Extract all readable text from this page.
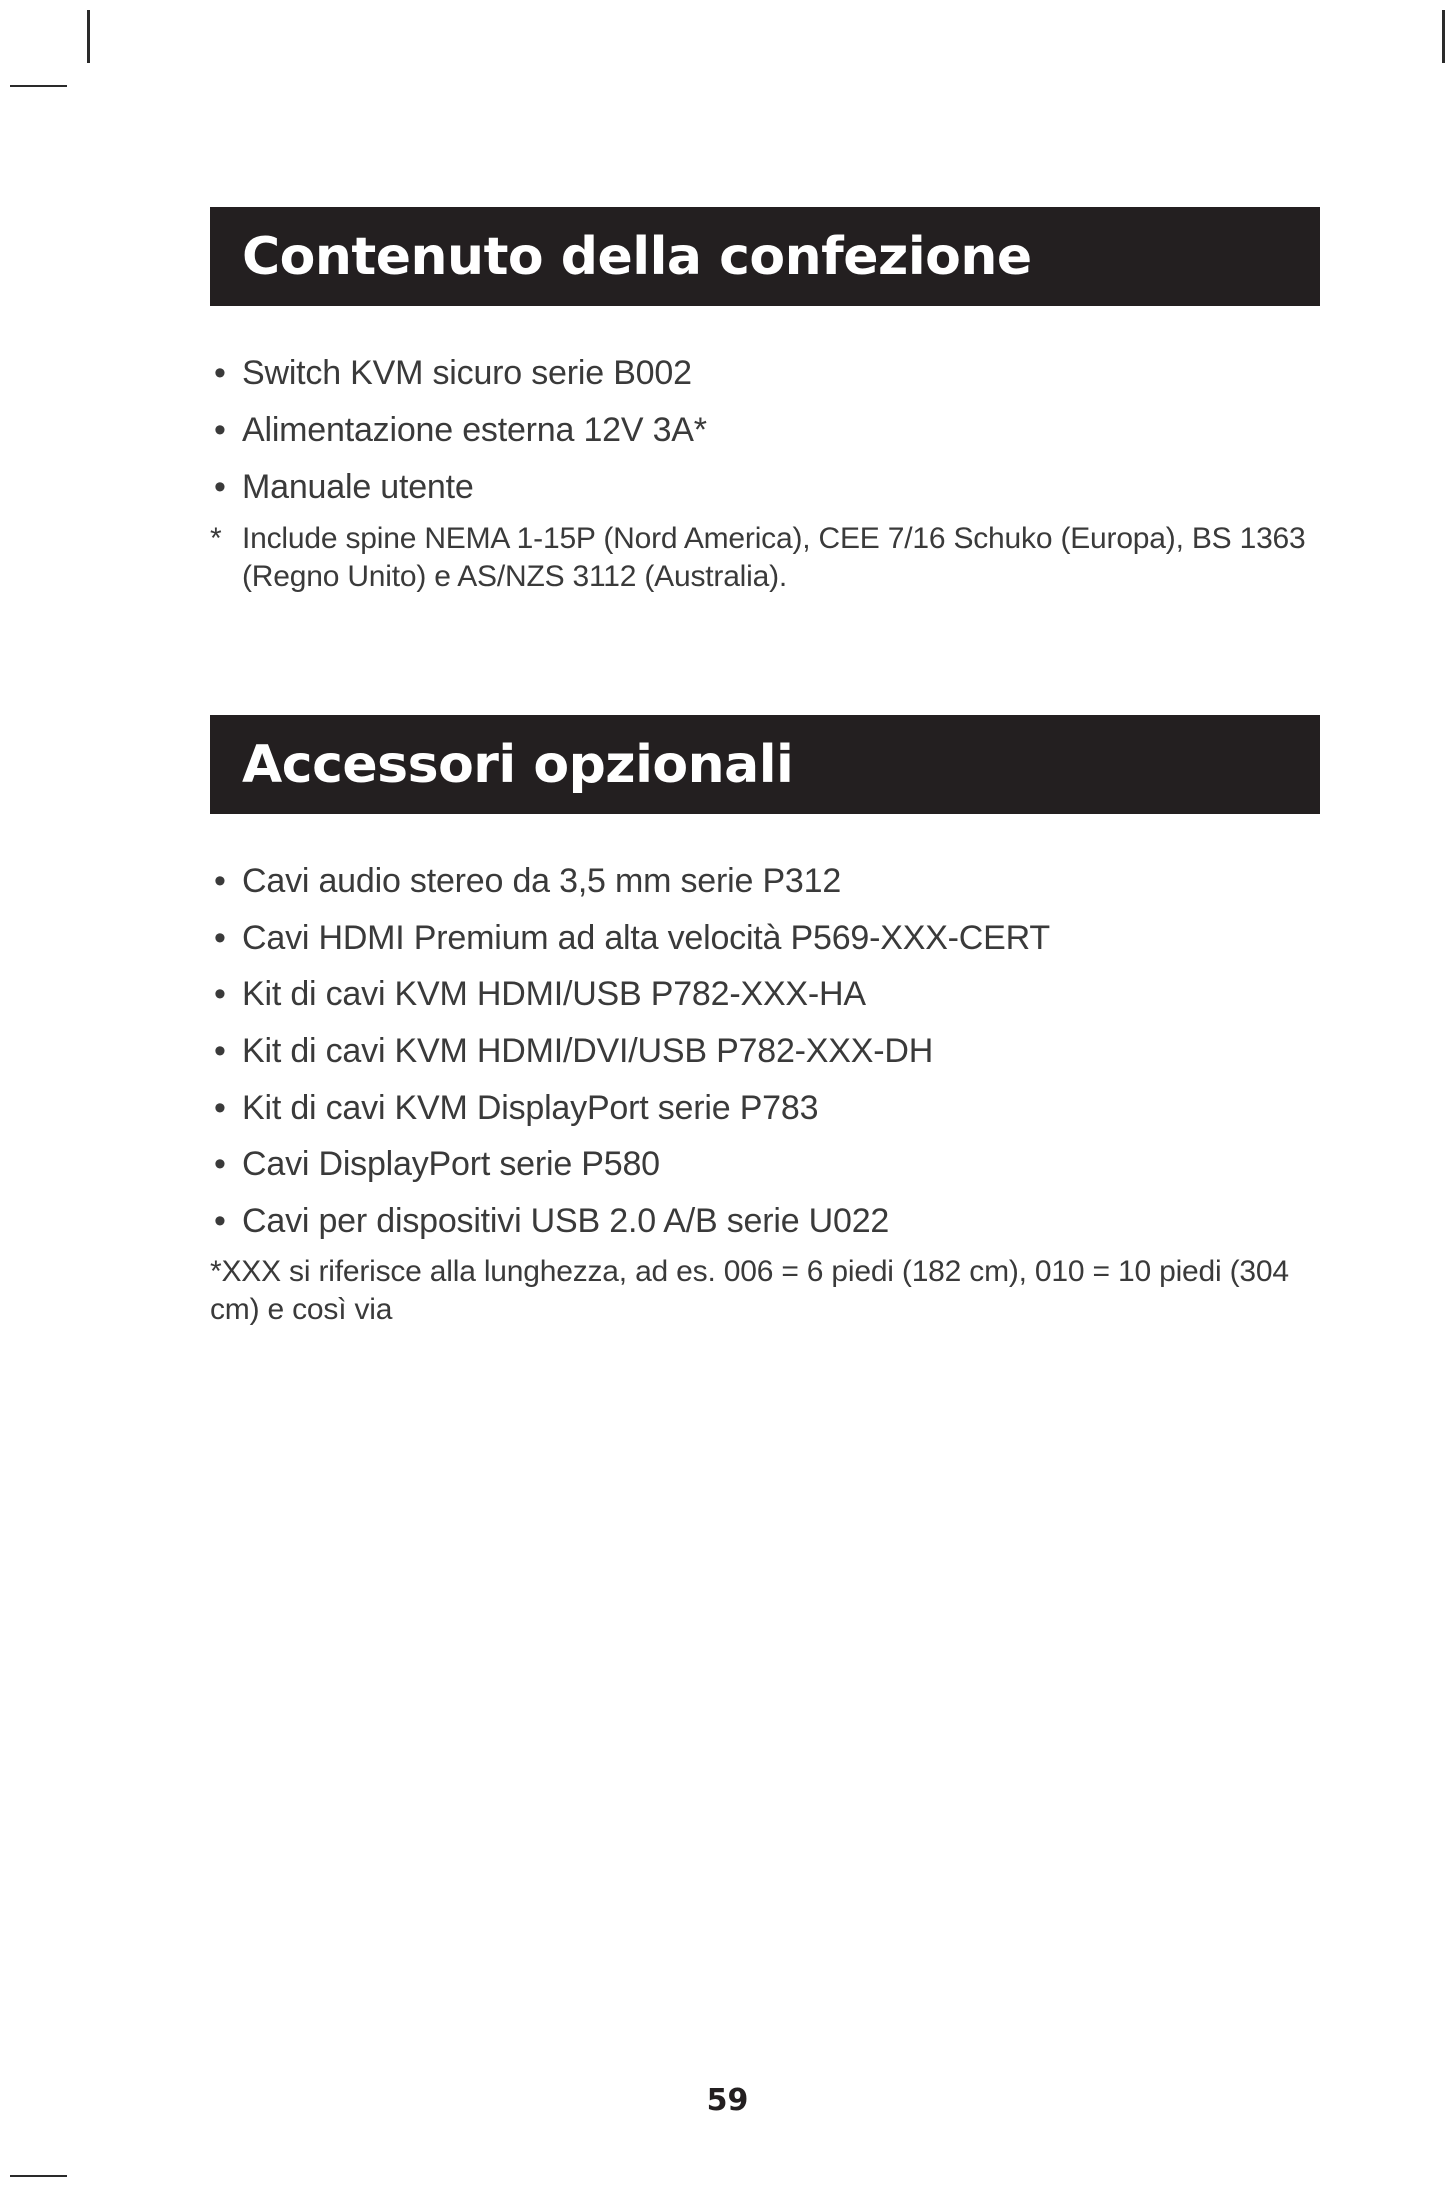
Contenuto della confezione
• Switch KVM sicuro serie B002
• Alimentazione esterna 12V 3A*
• Manuale utente
* Include spine NEMA 1-15P (Nord America), CEE 7/16 Schuko (Europa), BS 1363 (Regno Unito) e AS/NZS 3112 (Australia).
Accessori opzionali
• Cavi audio stereo da 3,5 mm serie P312
• Cavi HDMI Premium ad alta velocità P569-XXX-CERT
• Kit di cavi KVM HDMI/USB P782-XXX-HA
• Kit di cavi KVM HDMI/DVI/USB P782-XXX-DH
• Kit di cavi KVM DisplayPort serie P783
• Cavi DisplayPort serie P580
• Cavi per dispositivi USB 2.0 A/B serie U022
*XXX si riferisce alla lunghezza, ad es. 006 = 6 piedi (182 cm), 010 = 10 piedi (304 cm) e così via
59
